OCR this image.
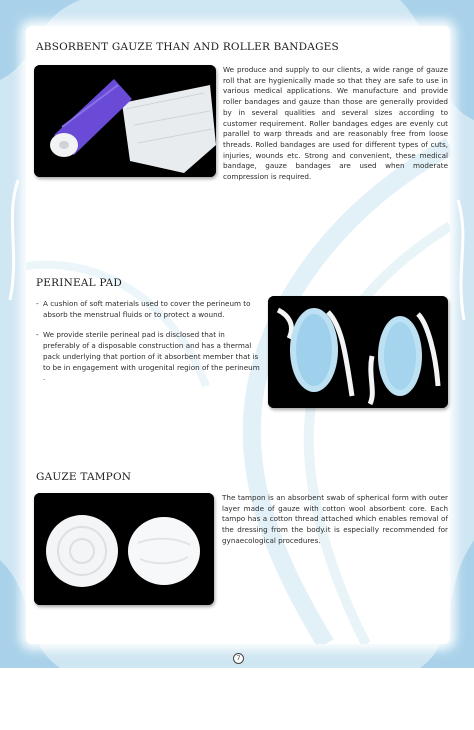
ABSORBENT GAUZE THAN AND ROLLER BANDAGES

We produce and supply to our clients, a wide range of gauze roll that are hygienically made so that they are safe to use in various medical applications. We manufacture and provide roller bandages and gauze than those are generally provided by in several qualities and several sizes according to customer requirement. Roller bandages edges are evenly cut parallel to warp threads and are reasonably free from loose threads. Rolled bandages are used for different types of cuts, injuries, wounds etc. Strong and convenient, these medical bandage, gauze bandages are used when moderate compression is required.

PERINEAL PAD
- A cushion of soft materials used to cover the perineum to absorb the menstrual fluids or to protect a wound.
- We provide sterile perineal pad is disclosed that in preferably of a disposable construction and has a thermal pack underlying that portion of it absorbent member that is to be in engagement with urogenital region of the perineum .
GAUZE TAMPON

The tampon is an absorbent swab of spherical form with outer layer made of gauze with cotton wool absorbent core. Each tampo has a cotton thread attached which enables removal of the dressing from the body.it is especially recommended for gynaecological procedures.

7
